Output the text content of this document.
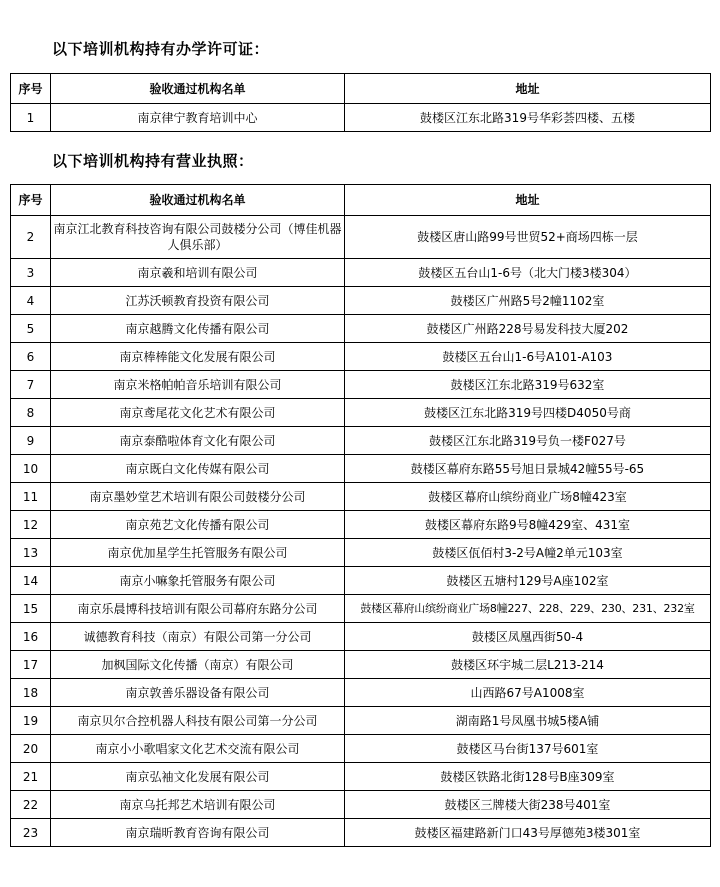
以下培训机构持有办学许可证：
序号	验收通过机构名单	地址
1	南京律宁教育培训中心	鼓楼区江东北路319号华彩荟四楼、五楼
以下培训机构持有营业执照：
序号	验收通过机构名单	地址
2	南京江北教育科技咨询有限公司鼓楼分公司（博佳机器人俱乐部）	鼓楼区唐山路99号世贸52+商场四栋一层
3	南京羲和培训有限公司	鼓楼区五台山1-6号（北大门楼3楼304）
4	江苏沃顿教育投资有限公司	鼓楼区广州路5号2幢1102室
5	南京越腾文化传播有限公司	鼓楼区广州路228号易发科技大厦202
6	南京棒棒能文化发展有限公司	鼓楼区五台山1-6号A101-A103
7	南京米格帕帕音乐培训有限公司	鼓楼区江东北路319号632室
8	南京鸢尾花文化艺术有限公司	鼓楼区江东北路319号四楼D4050号商
9	南京泰酷啦体育文化有限公司	鼓楼区江东北路319号负一楼F027号
10	南京既白文化传媒有限公司	鼓楼区幕府东路55号旭日景城42幢55号-65
11	南京墨妙堂艺术培训有限公司鼓楼分公司	鼓楼区幕府山缤纷商业广场8幢423室
12	南京苑艺文化传播有限公司	鼓楼区幕府东路9号8幢429室、431室
13	南京优加星学生托管服务有限公司	鼓楼区佤佰村3-2号A幢2单元103室
14	南京小嘛象托管服务有限公司	鼓楼区五塘村129号A座102室
15	南京乐晨博科技培训有限公司幕府东路分公司	鼓楼区幕府山缤纷商业广场8幢227、228、229、230、231、232室
16	诚德教育科技（南京）有限公司第一分公司	鼓楼区凤凰西街50-4
17	加枫国际文化传播（南京）有限公司	鼓楼区环宇城二层L213-214
18	南京敦善乐器设备有限公司	山西路67号A1008室
19	南京贝尔合控机器人科技有限公司第一分公司	湖南路1号凤凰书城5楼A铺
20	南京小小歌唱家文化艺术交流有限公司	鼓楼区马台街137号601室
21	南京弘袖文化发展有限公司	鼓楼区铁路北街128号B座309室
22	南京乌托邦艺术培训有限公司	鼓楼区三牌楼大街238号401室
23	南京瑞昕教育咨询有限公司	鼓楼区福建路新门口43号厚德苑3楼301室
